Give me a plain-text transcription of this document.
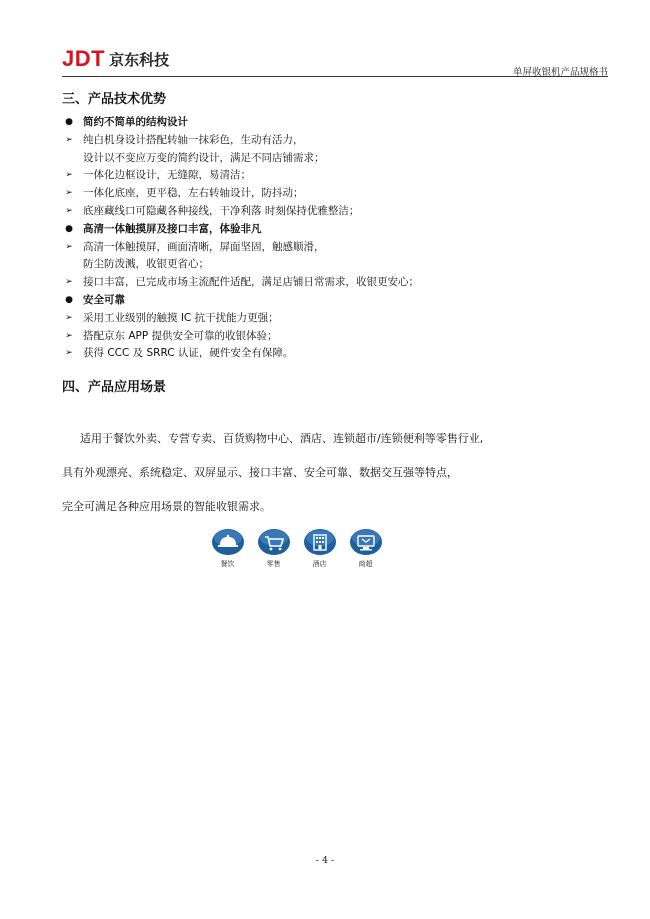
JDT 京东科技
单屏收银机产品规格书
三、产品技术优势
● 简约不简单的结构设计
➢ 纯白机身设计搭配转轴一抹彩色，生动有活力，
设计以不变应万变的简约设计，满足不同店铺需求；
➢ 一体化边框设计，无缝隙，易清洁；
➢ 一体化底座，更平稳，左右转轴设计，防抖动；
➢ 底座藏线口可隐藏各种接线，干净利落 时刻保持优雅整洁；
● 高清一体触摸屏及接口丰富，体验非凡
➢ 高清一体触摸屏，画面清晰，屏面坚固，触感顺滑，
防尘防泼溅，收银更省心；
➢ 接口丰富，已完成市场主流配件适配，满足店铺日常需求，收银更安心；
● 安全可靠
➢ 采用工业级别的触摸 IC 抗干扰能力更强；
➢ 搭配京东 APP 提供安全可靠的收银体验；
➢ 获得 CCC 及 SRRC 认证，硬件安全有保障。
四、产品应用场景
适用于餐饮外卖、专营专卖、百货购物中心、酒店、连锁超市/连锁便利等零售行业,
具有外观漂亮、系统稳定、双屏显示、接口丰富、安全可靠、数据交互强等特点，
完全可满足各种应用场景的智能收银需求。
餐饮	零售	酒店	商超
- 4 -
